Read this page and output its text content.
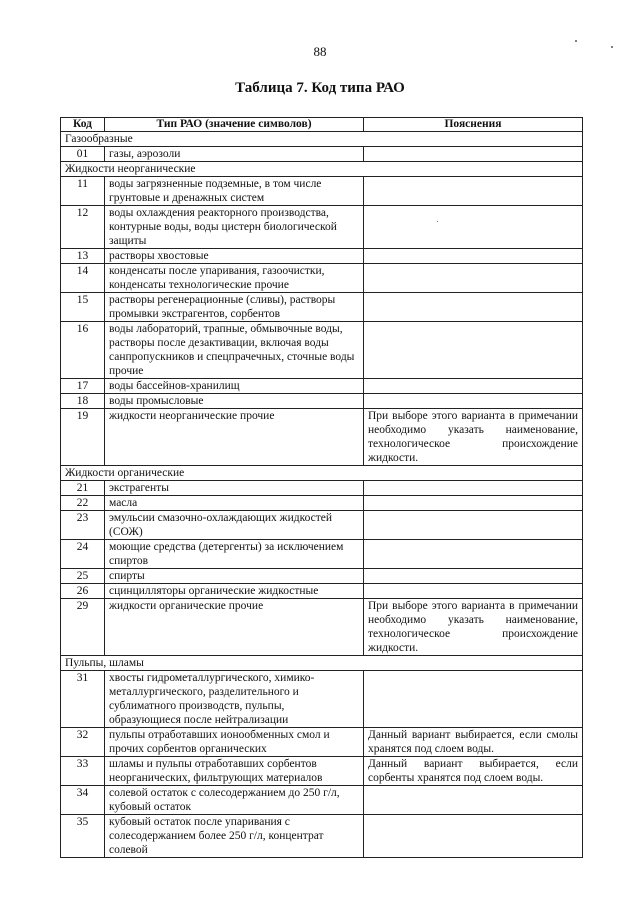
88
Таблица 7. Код типа РАО
Код	Тип РАО (значение символов)	Пояснения
Газообразные		
01	газы, аэрозоли	
Жидкости неорганические		
11	воды загрязненные подземные, в том числе грунтовые и дренажных систем	
12	воды охлаждения реакторного производства, контурные воды, воды цистерн биологической защиты	
13	растворы хвостовые	
14	конденсаты после упаривания, газоочистки, конденсаты технологические прочие	
15	растворы регенерационные (сливы), растворы промывки экстрагентов, сорбентов	
16	воды лабораторий, трапные, обмывочные воды, растворы после дезактивации, включая воды санпропускников и спецпрачечных, сточные воды прочие	
17	воды бассейнов-хранилищ	
18	воды промысловые	
19	жидкости неорганические прочие	При выборе этого варианта в примечании необходимо указать наименование, технологическое происхождение жидкости.
Жидкости органические		
21	экстрагенты	
22	масла	
23	эмульсии смазочно-охлаждающих жидкостей (СОЖ)	
24	моющие средства (детергенты) за исключением спиртов	
25	спирты	
26	сцинцилляторы органические жидкостные	
29	жидкости органические прочие	При выборе этого варианта в примечании необходимо указать наименование, технологическое происхождение жидкости.
Пульпы, шламы		
31	хвосты гидрометаллургического, химико-металлургического, разделительного и сублиматного производств, пульпы, образующиеся после нейтрализации	
32	пульпы отработавших ионообменных смол и прочих сорбентов органических	Данный вариант выбирается, если смолы хранятся под слоем воды.
33	шламы и пульпы отработавших сорбентов неорганических, фильтрующих материалов	Данный вариант выбирается, если сорбенты хранятся под слоем воды.
34	солевой остаток с солесодержанием до 250 г/л, кубовый остаток	
35	кубовый остаток после упаривания с солесодержанием более 250 г/л, концентрат солевой	
